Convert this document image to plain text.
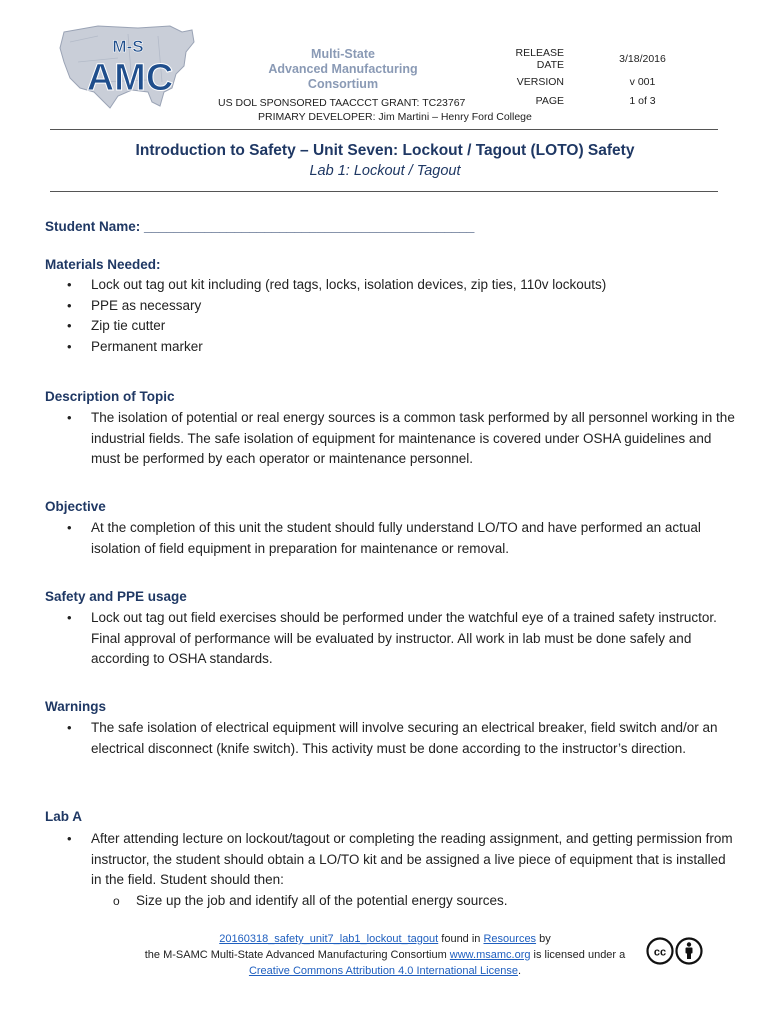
M-S
AMC
Multi-State
Advanced Manufacturing
Consortium
RELEASE DATE	3/18/2016
VERSION	v 001
PAGE	1 of 3
US DOL SPONSORED TAACCCT GRANT: TC23767
PRIMARY DEVELOPER: Jim Martini – Henry Ford College
Introduction to Safety – Unit Seven: Lockout / Tagout (LOTO) Safety
Lab 1: Lockout / Tagout
Student Name: ____________________________________________
Materials Needed:
• Lock out tag out kit including (red tags, locks, isolation devices, zip ties, 110v lockouts)
• PPE as necessary
• Zip tie cutter
• Permanent marker
Description of Topic
• The isolation of potential or real energy sources is a common task performed by all personnel working in the industrial fields. The safe isolation of equipment for maintenance is covered under OSHA guidelines and must be performed by each operator or maintenance personnel.
Objective
• At the completion of this unit the student should fully understand LO/TO and have performed an actual isolation of field equipment in preparation for maintenance or removal.
Safety and PPE usage
• Lock out tag out field exercises should be performed under the watchful eye of a trained safety instructor. Final approval of performance will be evaluated by instructor. All work in lab must be done safely and according to OSHA standards.
Warnings
• The safe isolation of electrical equipment will involve securing an electrical breaker, field switch and/or an electrical disconnect (knife switch). This activity must be done according to the instructor’s direction.
Lab A
• After attending lecture on lockout/tagout or completing the reading assignment, and getting permission from instructor, the student should obtain a LO/TO kit and be assigned a live piece of equipment that is installed in the field. Student should then:
o Size up the job and identify all of the potential energy sources.
20160318_safety_unit7_lab1_lockout_tagout found in Resources by
the M-SAMC Multi-State Advanced Manufacturing Consortium www.msamc.org is licensed under a
Creative Commons Attribution 4.0 International License.
cc
